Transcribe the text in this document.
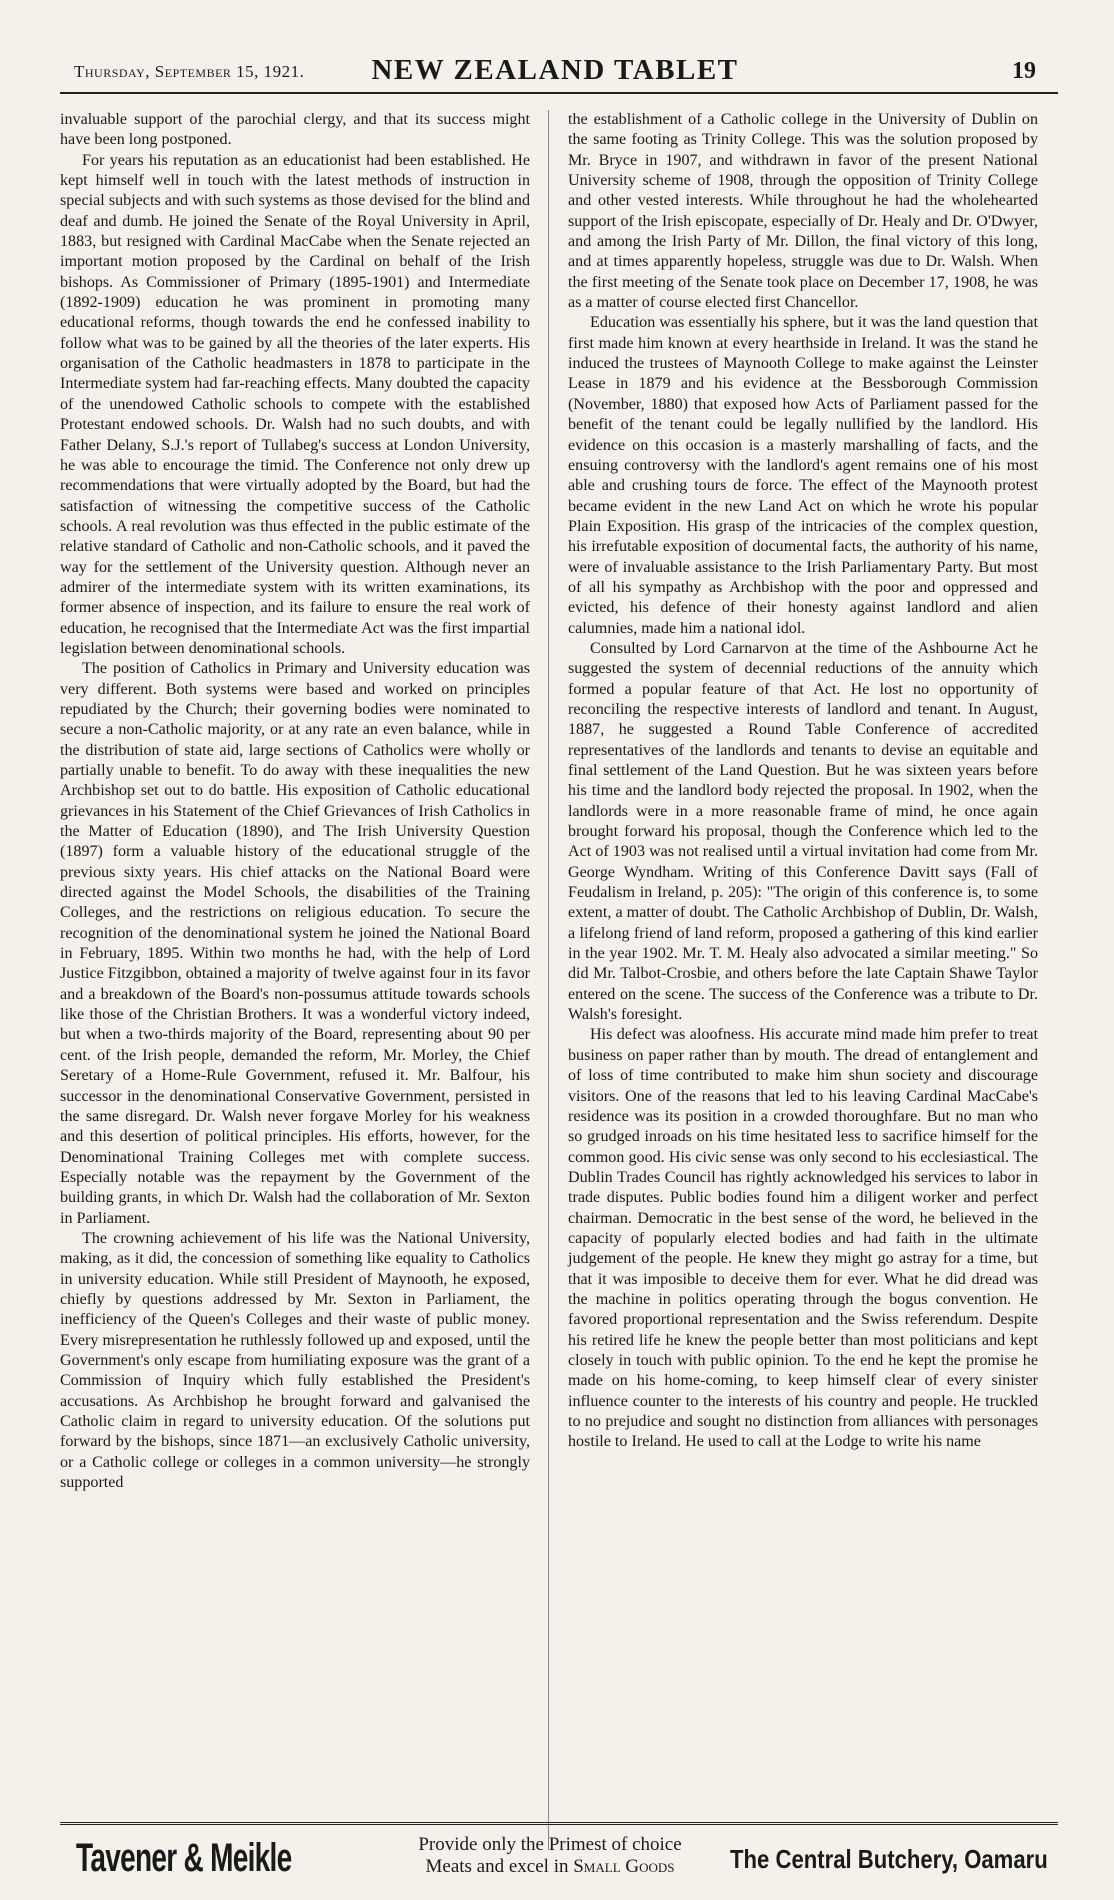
Thursday, September 15, 1921.	NEW ZEALAND TABLET	19

invaluable support of the parochial clergy, and that its success might have been long postponed.

For years his reputation as an educationist had been established. He kept himself well in touch with the latest methods of instruction in special subjects and with such systems as those devised for the blind and deaf and dumb. He joined the Senate of the Royal University in April, 1883, but resigned with Cardinal MacCabe when the Senate rejected an important motion proposed by the Cardinal on behalf of the Irish bishops. As Commissioner of Primary (1895-1901) and Intermediate (1892-1909) education he was prominent in promoting many educational reforms, though towards the end he confessed inability to follow what was to be gained by all the theories of the later experts. His organisation of the Catholic headmasters in 1878 to participate in the Intermediate system had far-reaching effects. Many doubted the capacity of the unendowed Catholic schools to compete with the established Protestant endowed schools. Dr. Walsh had no such doubts, and with Father Delany, S.J.'s report of Tullabeg's success at London University, he was able to encourage the timid. The Conference not only drew up recommendations that were virtually adopted by the Board, but had the satisfaction of witnessing the competitive success of the Catholic schools. A real revolution was thus effected in the public estimate of the relative standard of Catholic and non-Catholic schools, and it paved the way for the settlement of the University question. Although never an admirer of the intermediate system with its written examinations, its former absence of inspection, and its failure to ensure the real work of education, he recognised that the Intermediate Act was the first impartial legislation between denominational schools.

The position of Catholics in Primary and University education was very different. Both systems were based and worked on principles repudiated by the Church; their governing bodies were nominated to secure a non-Catholic majority, or at any rate an even balance, while in the distribution of state aid, large sections of Catholics were wholly or partially unable to benefit. To do away with these inequalities the new Archbishop set out to do battle. His exposition of Catholic educational grievances in his Statement of the Chief Grievances of Irish Catholics in the Matter of Education (1890), and The Irish University Question (1897) form a valuable history of the educational struggle of the previous sixty years. His chief attacks on the National Board were directed against the Model Schools, the disabilities of the Training Colleges, and the restrictions on religious education. To secure the recognition of the denominational system he joined the National Board in February, 1895. Within two months he had, with the help of Lord Justice Fitzgibbon, obtained a majority of twelve against four in its favor and a breakdown of the Board's non-possumus attitude towards schools like those of the Christian Brothers. It was a wonderful victory indeed, but when a two-thirds majority of the Board, representing about 90 per cent. of the Irish people, demanded the reform, Mr. Morley, the Chief Seretary of a Home-Rule Government, refused it. Mr. Balfour, his successor in the denominational Conservative Government, persisted in the same disregard. Dr. Walsh never forgave Morley for his weakness and this desertion of political principles. His efforts, however, for the Denominational Training Colleges met with complete success. Especially notable was the repayment by the Government of the building grants, in which Dr. Walsh had the collaboration of Mr. Sexton in Parliament.

The crowning achievement of his life was the National University, making, as it did, the concession of something like equality to Catholics in university education. While still President of Maynooth, he exposed, chiefly by questions addressed by Mr. Sexton in Parliament, the inefficiency of the Queen's Colleges and their waste of public money. Every misrepresentation he ruthlessly followed up and exposed, until the Government's only escape from humiliating exposure was the grant of a Commission of Inquiry which fully established the President's accusations. As Archbishop he brought forward and galvanised the Catholic claim in regard to university education. Of the solutions put forward by the bishops, since 1871—an exclusively Catholic university, or a Catholic college or colleges in a common university—he strongly supported

the establishment of a Catholic college in the University of Dublin on the same footing as Trinity College. This was the solution proposed by Mr. Bryce in 1907, and withdrawn in favor of the present National University scheme of 1908, through the opposition of Trinity College and other vested interests. While throughout he had the wholehearted support of the Irish episcopate, especially of Dr. Healy and Dr. O'Dwyer, and among the Irish Party of Mr. Dillon, the final victory of this long, and at times apparently hopeless, struggle was due to Dr. Walsh. When the first meeting of the Senate took place on December 17, 1908, he was as a matter of course elected first Chancellor.

Education was essentially his sphere, but it was the land question that first made him known at every hearthside in Ireland. It was the stand he induced the trustees of Maynooth College to make against the Leinster Lease in 1879 and his evidence at the Bessborough Commission (November, 1880) that exposed how Acts of Parliament passed for the benefit of the tenant could be legally nullified by the landlord. His evidence on this occasion is a masterly marshalling of facts, and the ensuing controversy with the landlord's agent remains one of his most able and crushing tours de force. The effect of the Maynooth protest became evident in the new Land Act on which he wrote his popular Plain Exposition. His grasp of the intricacies of the complex question, his irrefutable exposition of documental facts, the authority of his name, were of invaluable assistance to the Irish Parliamentary Party. But most of all his sympathy as Archbishop with the poor and oppressed and evicted, his defence of their honesty against landlord and alien calumnies, made him a national idol.

Consulted by Lord Carnarvon at the time of the Ashbourne Act he suggested the system of decennial reductions of the annuity which formed a popular feature of that Act. He lost no opportunity of reconciling the respective interests of landlord and tenant. In August, 1887, he suggested a Round Table Conference of accredited representatives of the landlords and tenants to devise an equitable and final settlement of the Land Question. But he was sixteen years before his time and the landlord body rejected the proposal. In 1902, when the landlords were in a more reasonable frame of mind, he once again brought forward his proposal, though the Conference which led to the Act of 1903 was not realised until a virtual invitation had come from Mr. George Wyndham. Writing of this Conference Davitt says (Fall of Feudalism in Ireland, p. 205): "The origin of this conference is, to some extent, a matter of doubt. The Catholic Archbishop of Dublin, Dr. Walsh, a lifelong friend of land reform, proposed a gathering of this kind earlier in the year 1902. Mr. T. M. Healy also advocated a similar meeting." So did Mr. Talbot-Crosbie, and others before the late Captain Shawe Taylor entered on the scene. The success of the Conference was a tribute to Dr. Walsh's foresight.

His defect was aloofness. His accurate mind made him prefer to treat business on paper rather than by mouth. The dread of entanglement and of loss of time contributed to make him shun society and discourage visitors. One of the reasons that led to his leaving Cardinal MacCabe's residence was its position in a crowded thoroughfare. But no man who so grudged inroads on his time hesitated less to sacrifice himself for the common good. His civic sense was only second to his ecclesiastical. The Dublin Trades Council has rightly acknowledged his services to labor in trade disputes. Public bodies found him a diligent worker and perfect chairman. Democratic in the best sense of the word, he believed in the capacity of popularly elected bodies and had faith in the ultimate judgement of the people. He knew they might go astray for a time, but that it was imposible to deceive them for ever. What he did dread was the machine in politics operating through the bogus convention. He favored proportional representation and the Swiss referendum. Despite his retired life he knew the people better than most politicians and kept closely in touch with public opinion. To the end he kept the promise he made on his home-coming, to keep himself clear of every sinister influence counter to the interests of his country and people. He truckled to no prejudice and sought no distinction from alliances with personages hostile to Ireland. He used to call at the Lodge to write his name

Tavener & Meikle	Provide only the Primest of choice
Meats and excel in Small Goods	The Central Butchery, Oamaru
